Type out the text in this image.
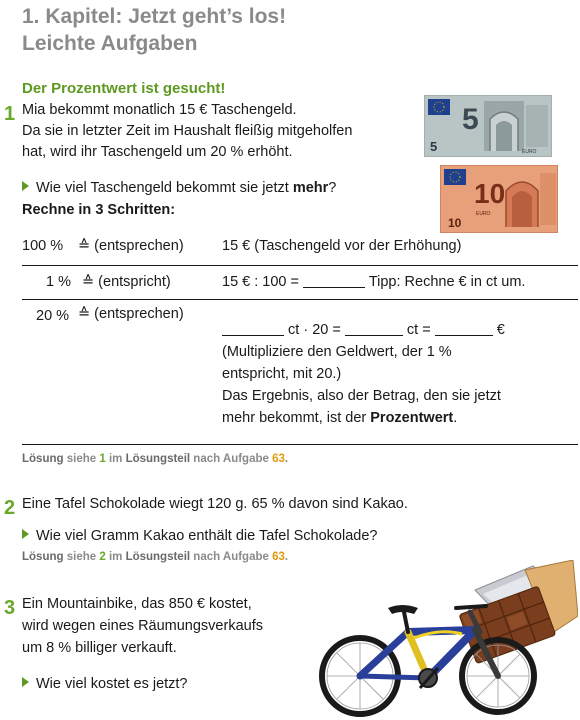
1. Kapitel: Jetzt geht’s los!
Leichte Aufgaben
Der Prozentwert ist gesucht!
1 Mia bekommt monatlich 15 € Taschengeld.
Da sie in letzter Zeit im Haushalt fleißig mitgeholfen
hat, wird ihr Taschengeld um 20 % erhöht.
Wie viel Taschengeld bekommt sie jetzt mehr?
Rechne in 3 Schritten:
5
5	EURO
10
10
EURO
100 % ≙ (entsprechen)	15 € (Taschengeld vor der Erhöhung)
1 % ≙ (entspricht)	15 € : 100 =	Tipp: Rechne € in ct um.
20 % ≙ (entsprechen)
ct · 20 =	ct =	€
(Multipliziere den Geldwert, der 1 %
entspricht, mit 20.)
Das Ergebnis, also der Betrag, den sie jetzt
mehr bekommt, ist der Prozentwert.
Lösung siehe 1 im Lösungsteil nach Aufgabe 63.
2 Eine Tafel Schokolade wiegt 120 g. 65 % davon sind Kakao.
Wie viel Gramm Kakao enthält die Tafel Schokolade?
Lösung siehe 2 im Lösungsteil nach Aufgabe 63.
3 Ein Mountainbike, das 850 € kostet,
wird wegen eines Räumungsverkaufs
um 8 % billiger verkauft.
Wie viel kostet es jetzt?
